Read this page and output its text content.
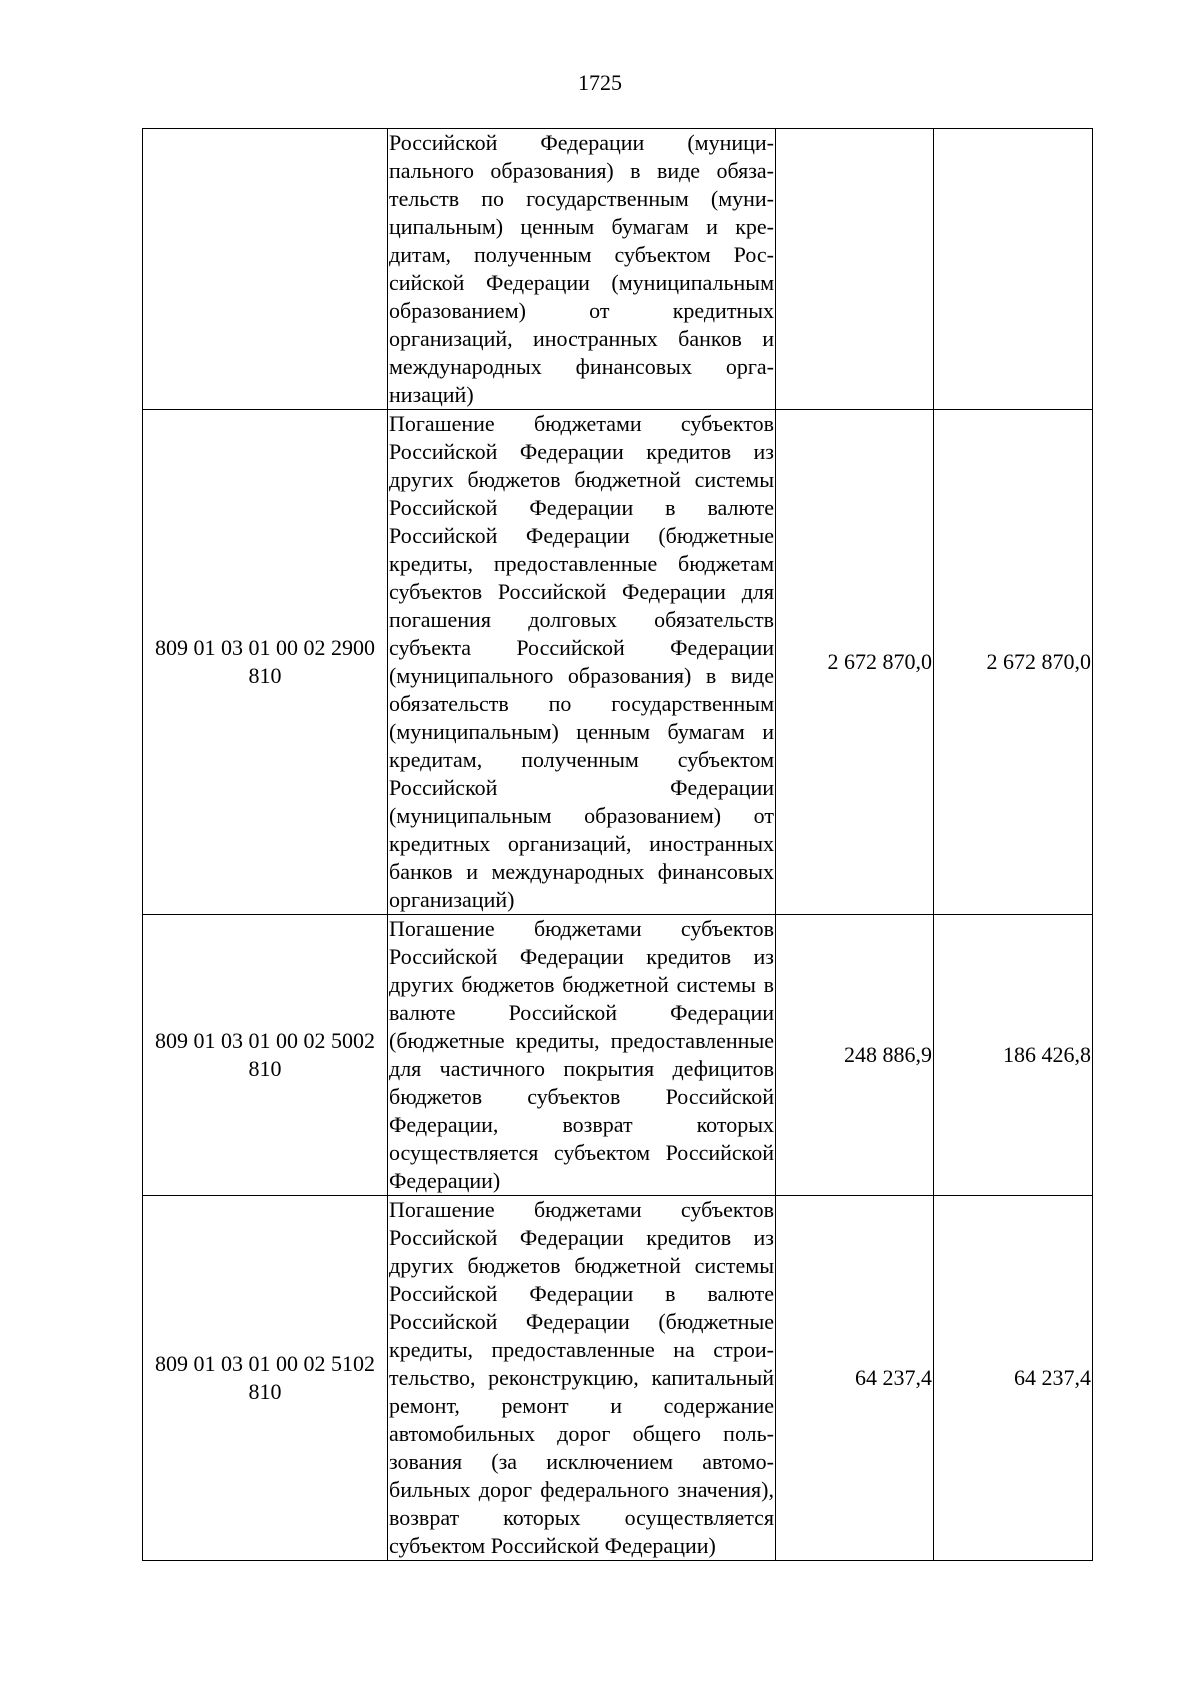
1725
	Российской Федерации (муниципального образования) в виде обязательств по государственным (муниципальным) ценным бумагам и кредитам, полученным субъектом Российской Федерации (муниципальным образованием) от кредитных организаций, иностранных банков и международных финансовых организаций)		
809 01 03 01 00 02 2900 810	Погашение бюджетами субъектов Российской Федерации кредитов из других бюджетов бюджетной системы Российской Федерации в валюте Российской Федерации (бюджетные кредиты, предоставленные бюджетам субъектов Российской Федерации для погашения долговых обязательств субъекта Российской Федерации (муниципального образования) в виде обязательств по государственным (муниципальным) ценным бумагам и кредитам, полученным субъектом Российской Федерации (муниципальным образованием) от кредитных организаций, иностранных банков и международных финансовых организаций)	2 672 870,0	2 672 870,0
809 01 03 01 00 02 5002 810	Погашение бюджетами субъектов Российской Федерации кредитов из других бюджетов бюджетной системы в валюте Российской Федерации (бюджетные кредиты, предоставленные для частичного покрытия дефицитов бюджетов субъектов Российской Федерации, возврат которых осуществляется субъектом Российской Федерации)	248 886,9	186 426,8
809 01 03 01 00 02 5102 810	Погашение бюджетами субъектов Российской Федерации кредитов из других бюджетов бюджетной системы Российской Федерации в валюте Российской Федерации (бюджетные кредиты, предоставленные на строительство, реконструкцию, капитальный ремонт, ремонт и содержание автомобильных дорог общего пользования (за исключением автомобильных дорог федерального значения), возврат которых осуществляется субъектом Российской Федерации)	64 237,4	64 237,4
